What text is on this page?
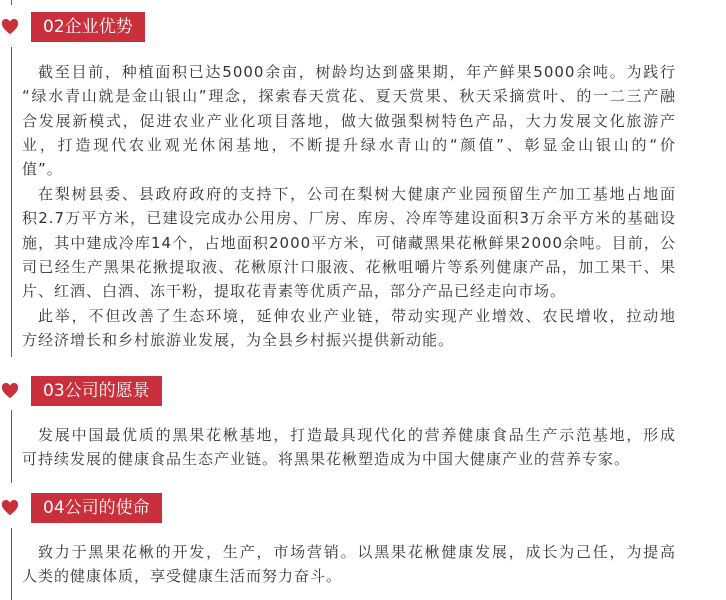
02企业优势
截至目前，种植面积已达5000余亩，树龄均达到盛果期，年产鲜果5000余吨。为践行
“绿水青山就是金山银山”理念，探索春天赏花、夏天赏果、秋天采摘赏叶、的一二三产融
合发展新模式，促进农业产业化项目落地，做大做强梨树特色产品，大力发展文化旅游产
业，打造现代农业观光休闲基地，不断提升绿水青山的“颜值”、彰显金山银山的“价
值”。
在梨树县委、县政府政府的支持下，公司在梨树大健康产业园预留生产加工基地占地面
积2.7万平方米，已建设完成办公用房、厂房、库房、冷库等建设面积3万余平方米的基础设
施，其中建成冷库14个，占地面积2000平方米，可储藏黑果花楸鲜果2000余吨。目前，公
司已经生产黑果花揪提取液、花楸原汁口服液、花楸咀嚼片等系列健康产品，加工果干、果
片、红酒、白酒、冻干粉，提取花青素等优质产品，部分产品已经走向市场。
此举，不但改善了生态环境，延伸农业产业链，带动实现产业增效、农民增收，拉动地
方经济增长和乡村旅游业发展，为全县乡村振兴提供新动能。
03公司的愿景
发展中国最优质的黑果花楸基地，打造最具现代化的营养健康食品生产示范基地，形成
可持续发展的健康食品生态产业链。将黑果花楸塑造成为中国大健康产业的营养专家。
04公司的使命
致力于黑果花楸的开发，生产，市场营销。以黑果花楸健康发展，成长为己任，为提高
人类的健康体质，享受健康生活而努力奋斗。
